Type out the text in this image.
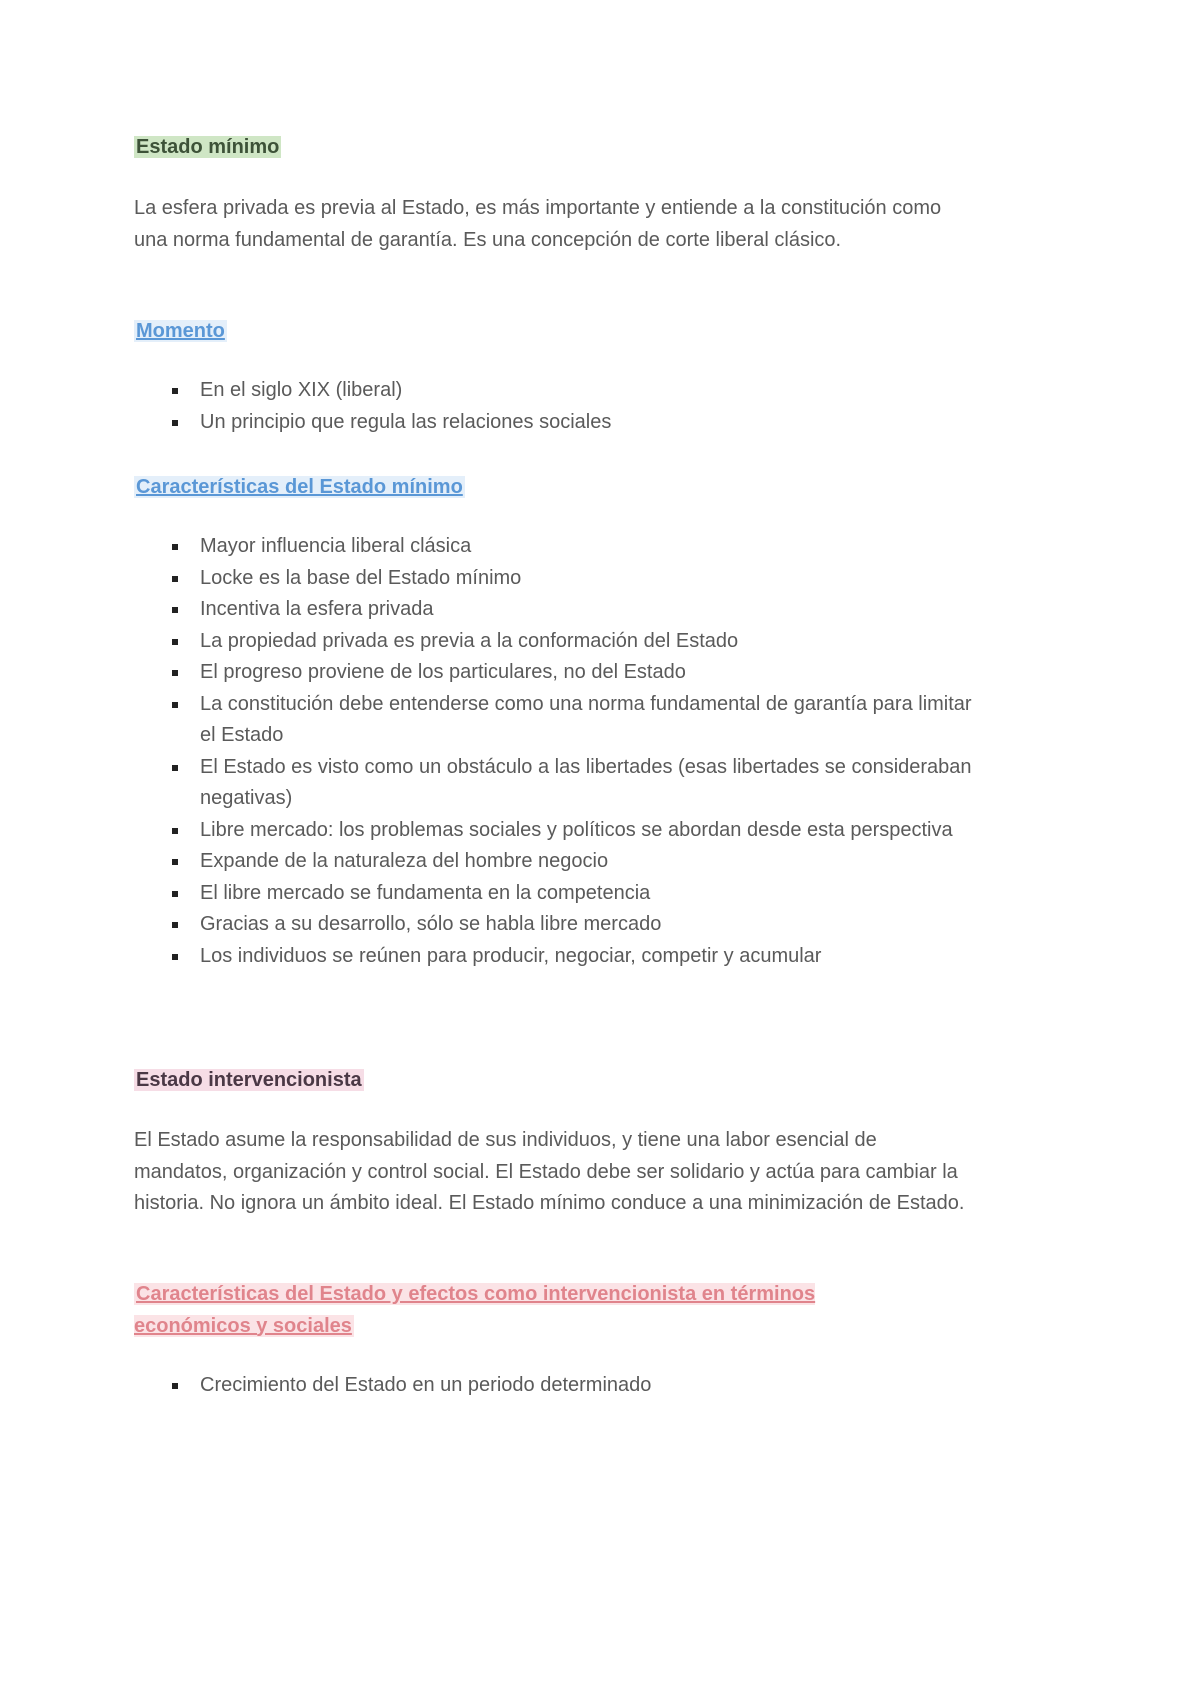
Estado mínimo

La esfera privada es previa al Estado, es más importante y entiende a la constitución como una norma fundamental de garantía. Es una concepción de corte liberal clásico.

Momento
En el siglo XIX (liberal)
Un principio que regula las relaciones sociales
Características del Estado mínimo
Mayor influencia liberal clásica
Locke es la base del Estado mínimo
Incentiva la esfera privada
La propiedad privada es previa a la conformación del Estado
El progreso proviene de los particulares, no del Estado
La constitución debe entenderse como una norma fundamental de garantía para limitar el Estado
El Estado es visto como un obstáculo a las libertades (esas libertades se consideraban negativas)
Libre mercado: los problemas sociales y políticos se abordan desde esta perspectiva
Expande de la naturaleza del hombre negocio
El libre mercado se fundamenta en la competencia
Gracias a su desarrollo, sólo se habla libre mercado
Los individuos se reúnen para producir, negociar, competir y acumular
Estado intervencionista

El Estado asume la responsabilidad de sus individuos, y tiene una labor esencial de mandatos, organización y control social. El Estado debe ser solidario y actúa para cambiar la historia. No ignora un ámbito ideal. El Estado mínimo conduce a una minimización de Estado.

Características del Estado y efectos como intervencionista en términos económicos y sociales
Crecimiento del Estado en un periodo determinado
